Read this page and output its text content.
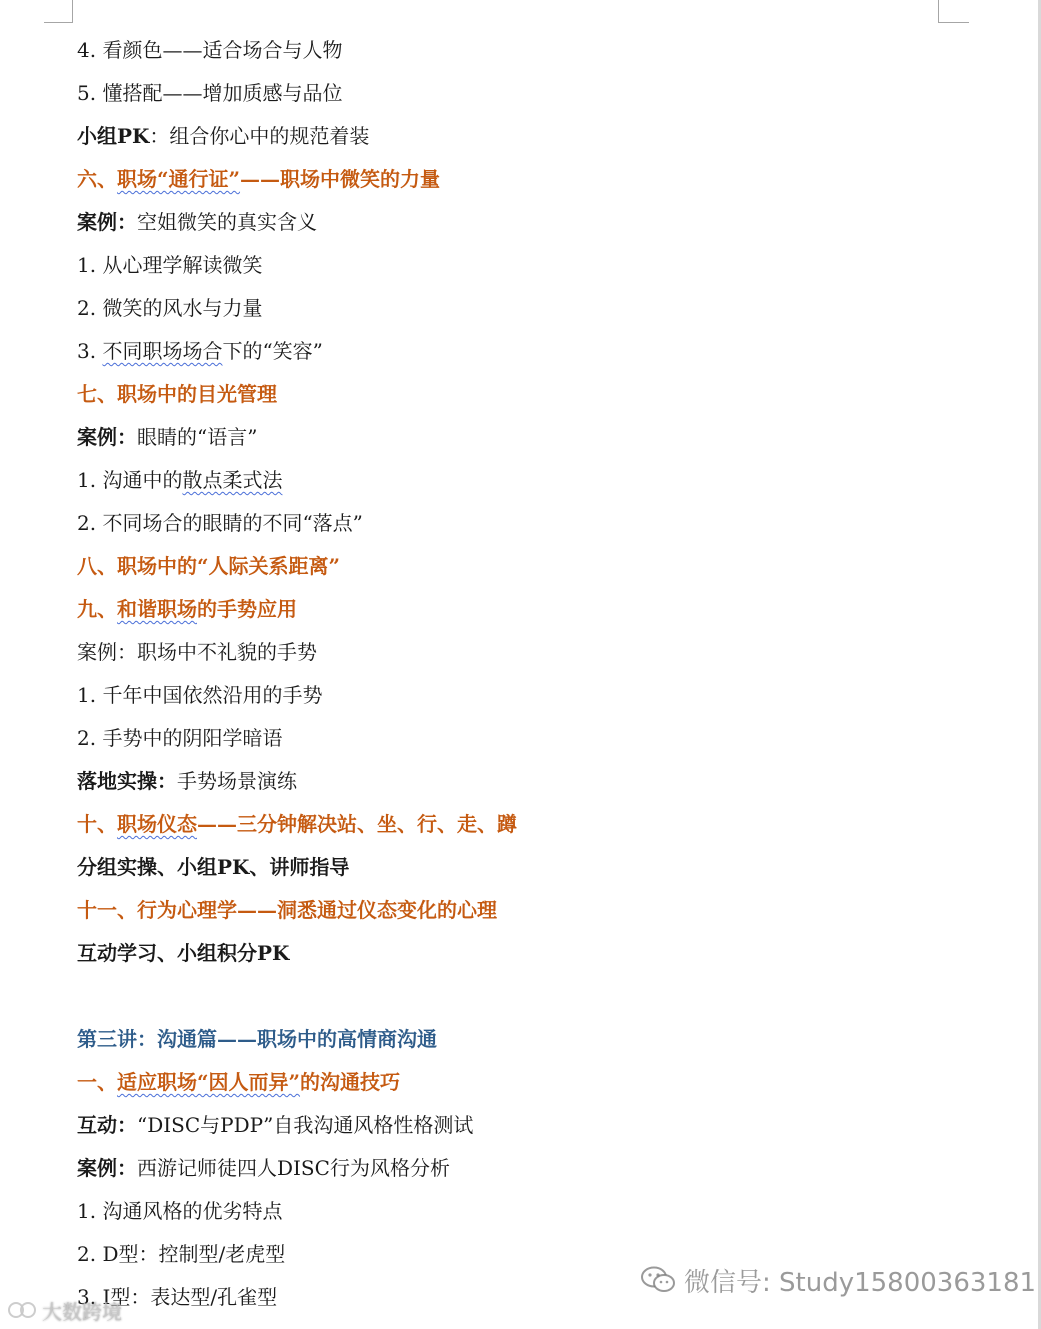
4. 看颜色——适合场合与人物
5. 懂搭配——增加质感与品位
小组PK：组合你心中的规范着装
六、职场“通行证”——职场中微笑的力量
案例：空姐微笑的真实含义
1. 从心理学解读微笑
2. 微笑的风水与力量
3. 不同职场场合下的“笑容”
七、职场中的目光管理
案例：眼睛的“语言”
1. 沟通中的散点柔式法
2. 不同场合的眼睛的不同“落点”
八、职场中的“人际关系距离”
九、和谐职场的手势应用
案例：职场中不礼貌的手势
1. 千年中国依然沿用的手势
2. 手势中的阴阳学暗语
落地实操：手势场景演练
十、职场仪态——三分钟解决站、坐、行、走、蹲
分组实操、小组PK、讲师指导
十一、行为心理学——洞悉通过仪态变化的心理
互动学习、小组积分PK
第三讲：沟通篇——职场中的高情商沟通
一、适应职场“因人而异”的沟通技巧
互动：“DISC与PDP”自我沟通风格性格测试
案例：西游记师徒四人DISC行为风格分析
1. 沟通风格的优劣特点
2. D型：控制型/老虎型
3. I型：表达型/孔雀型	微信号: Study15800363181
大数跨境
